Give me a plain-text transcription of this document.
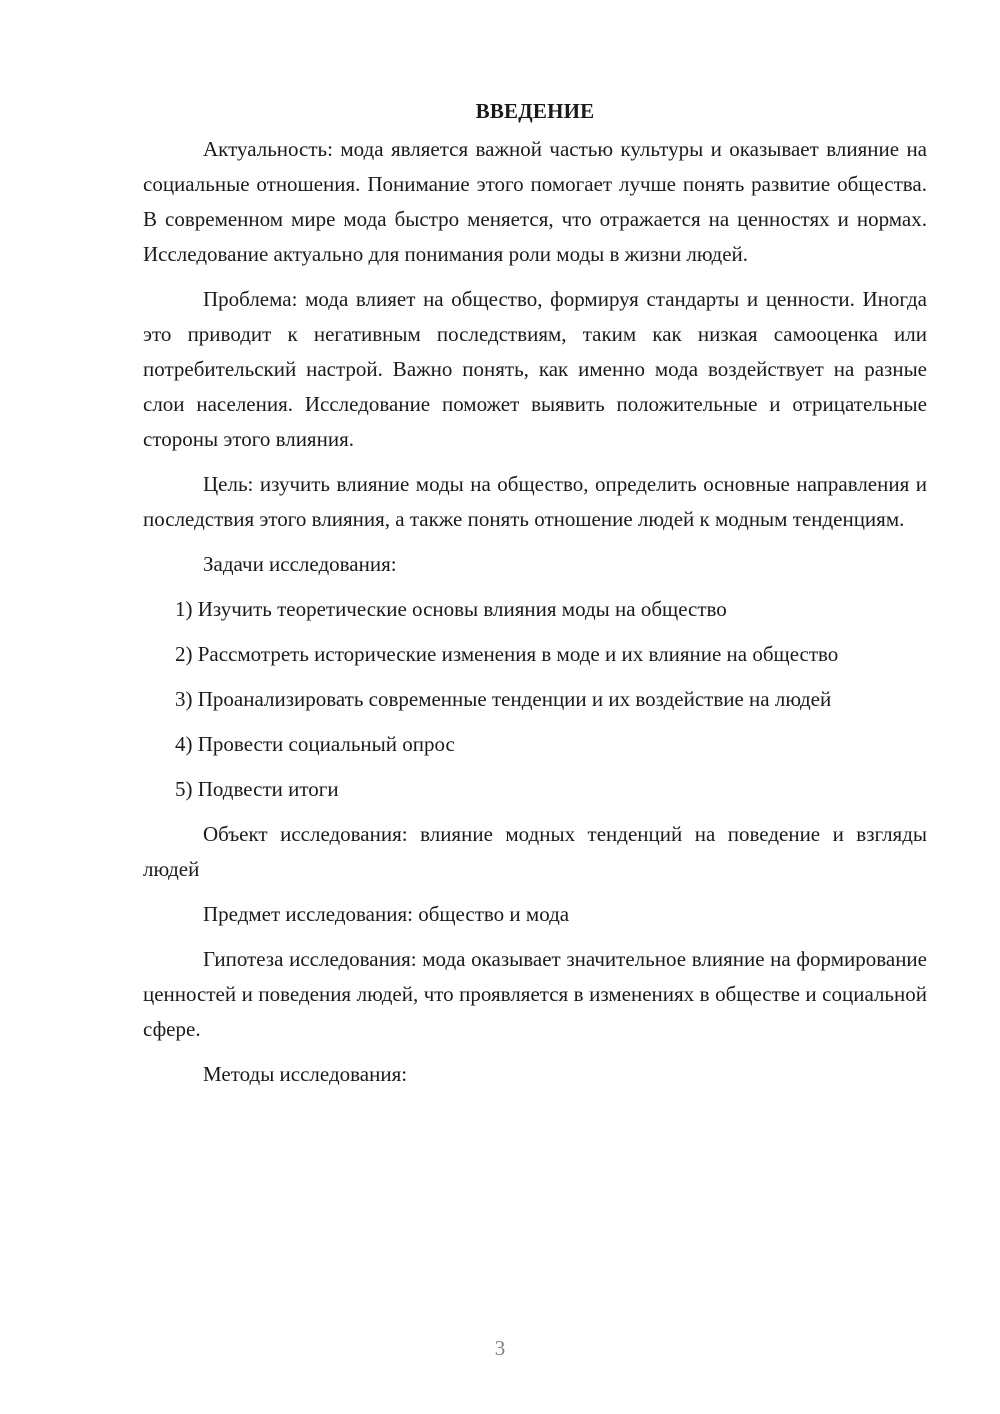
ВВЕДЕНИЕ

Актуальность: мода является важной частью культуры и оказывает влияние на социальные отношения. Понимание этого помогает лучше понять развитие общества. В современном мире мода быстро меняется, что отражается на ценностях и нормах. Исследование актуально для понимания роли моды в жизни людей.

Проблема: мода влияет на общество, формируя стандарты и ценности. Иногда это приводит к негативным последствиям, таким как низкая самооценка или потребительский настрой. Важно понять, как именно мода воздействует на разные слои населения. Исследование поможет выявить положительные и отрицательные стороны этого влияния.

Цель: изучить влияние моды на общество, определить основные направления и последствия этого влияния, а также понять отношение людей к модным тенденциям.

Задачи исследования:

1) Изучить теоретические основы влияния моды на общество

2) Рассмотреть исторические изменения в моде и их влияние на общество

3) Проанализировать современные тенденции и их воздействие на людей

4) Провести социальный опрос

5) Подвести итоги

Объект исследования: влияние модных тенденций на поведение и взгляды людей

Предмет исследования: общество и мода

Гипотеза исследования: мода оказывает значительное влияние на формирование ценностей и поведения людей, что проявляется в изменениях в обществе и социальной сфере.

Методы исследования:

3
